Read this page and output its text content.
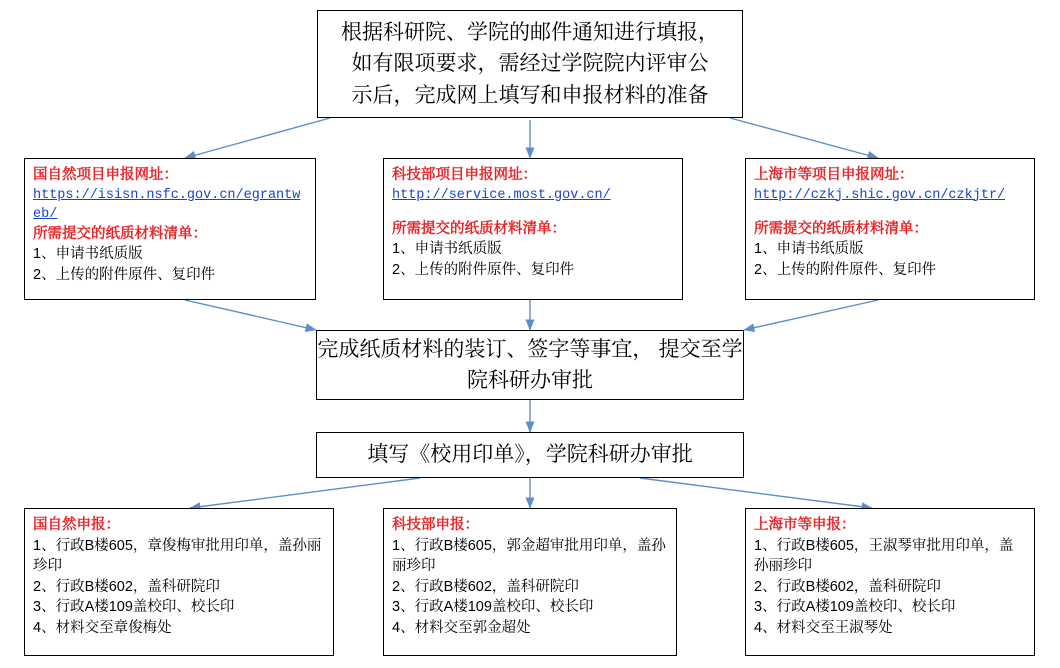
根据科研院、学院的邮件通知进行填报，
如有限项要求，需经过学院院内评审公
示后，完成网上填写和申报材料的准备
国自然项目申报网址：
https://isisn.nsfc.gov.cn/egrantweb/
所需提交的纸质材料清单：
1、申请书纸质版
2、上传的附件原件、复印件
科技部项目申报网址：
http://service.most.gov.cn/
所需提交的纸质材料清单：
1、申请书纸质版
2、上传的附件原件、复印件
上海市等项目申报网址：
http://czkj.shic.gov.cn/czkjtr/
所需提交的纸质材料清单：
1、申请书纸质版
2、上传的附件原件、复印件
完成纸质材料的装订、签字等事宜， 提交至学院科研办审批
填写《校用印单》，学院科研办审批
国自然申报：
1、行政B楼605，章俊梅审批用印单，盖孙丽珍印
2、行政B楼602，盖科研院印
3、行政A楼109盖校印、校长印
4、材料交至章俊梅处
科技部申报：
1、行政B楼605，郭金超审批用印单，盖孙丽珍印
2、行政B楼602，盖科研院印
3、行政A楼109盖校印、校长印
4、材料交至郭金超处
上海市等申报：
1、行政B楼605，王淑琴审批用印单，盖孙丽珍印
2、行政B楼602，盖科研院印
3、行政A楼109盖校印、校长印
4、材料交至王淑琴处
